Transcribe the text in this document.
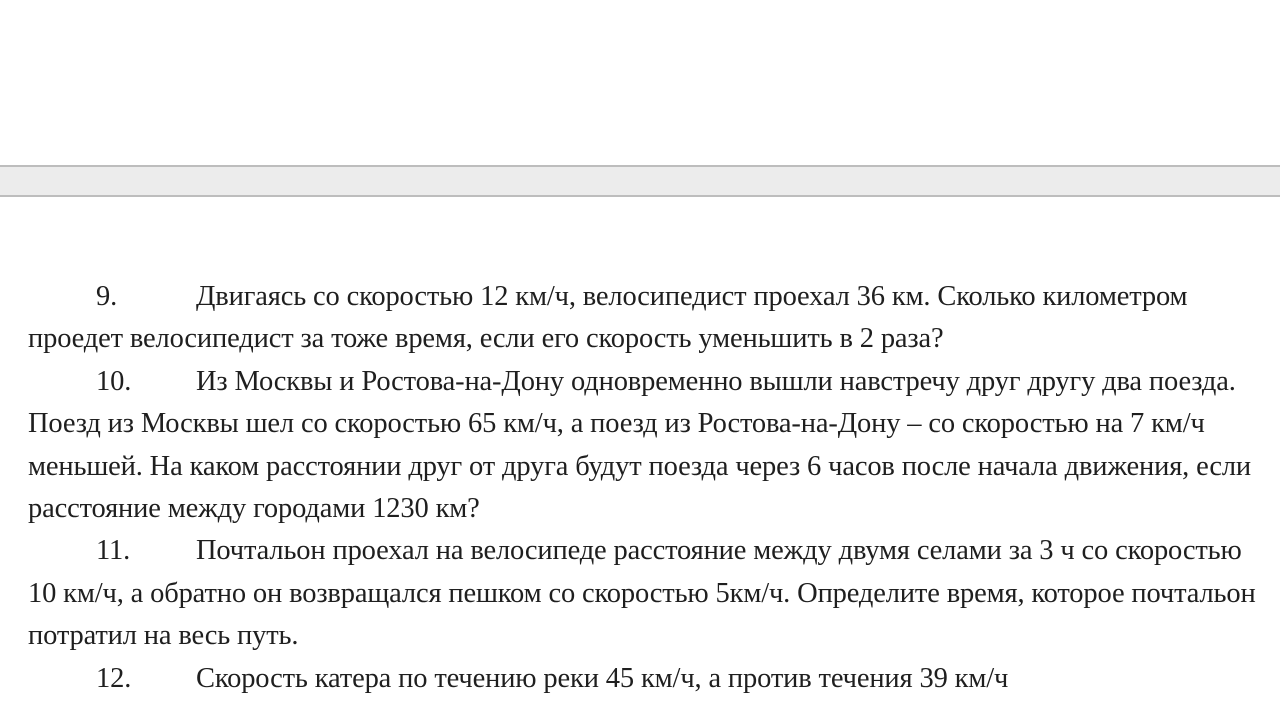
9.	Двигаясь со скоростью 12 км/ч, велосипедист проехал 36 км. Сколько километром проедет велосипедист за тоже время, если его скорость уменьшить в 2 раза?

10. Из Москвы и Ростова-на-Дону одновременно вышли навстречу друг другу два поезда. Поезд из Москвы шел со скоростью 65 км/ч, а поезд из Ростова-на-Дону – со скоростью на 7 км/ч меньшей. На каком расстоянии друг от друга будут поезда через 6 часов после начала движения, если расстояние между городами 1230 км?

11. Почтальон проехал на велосипеде расстояние между двумя селами за 3 ч со скоростью 10 км/ч, а обратно он возвращался пешком со скоростью 5км/ч. Определите время, которое почтальон потратил на весь путь.

12. Скорость катера по течению реки 45 км/ч, а против течения 39 км/ч
